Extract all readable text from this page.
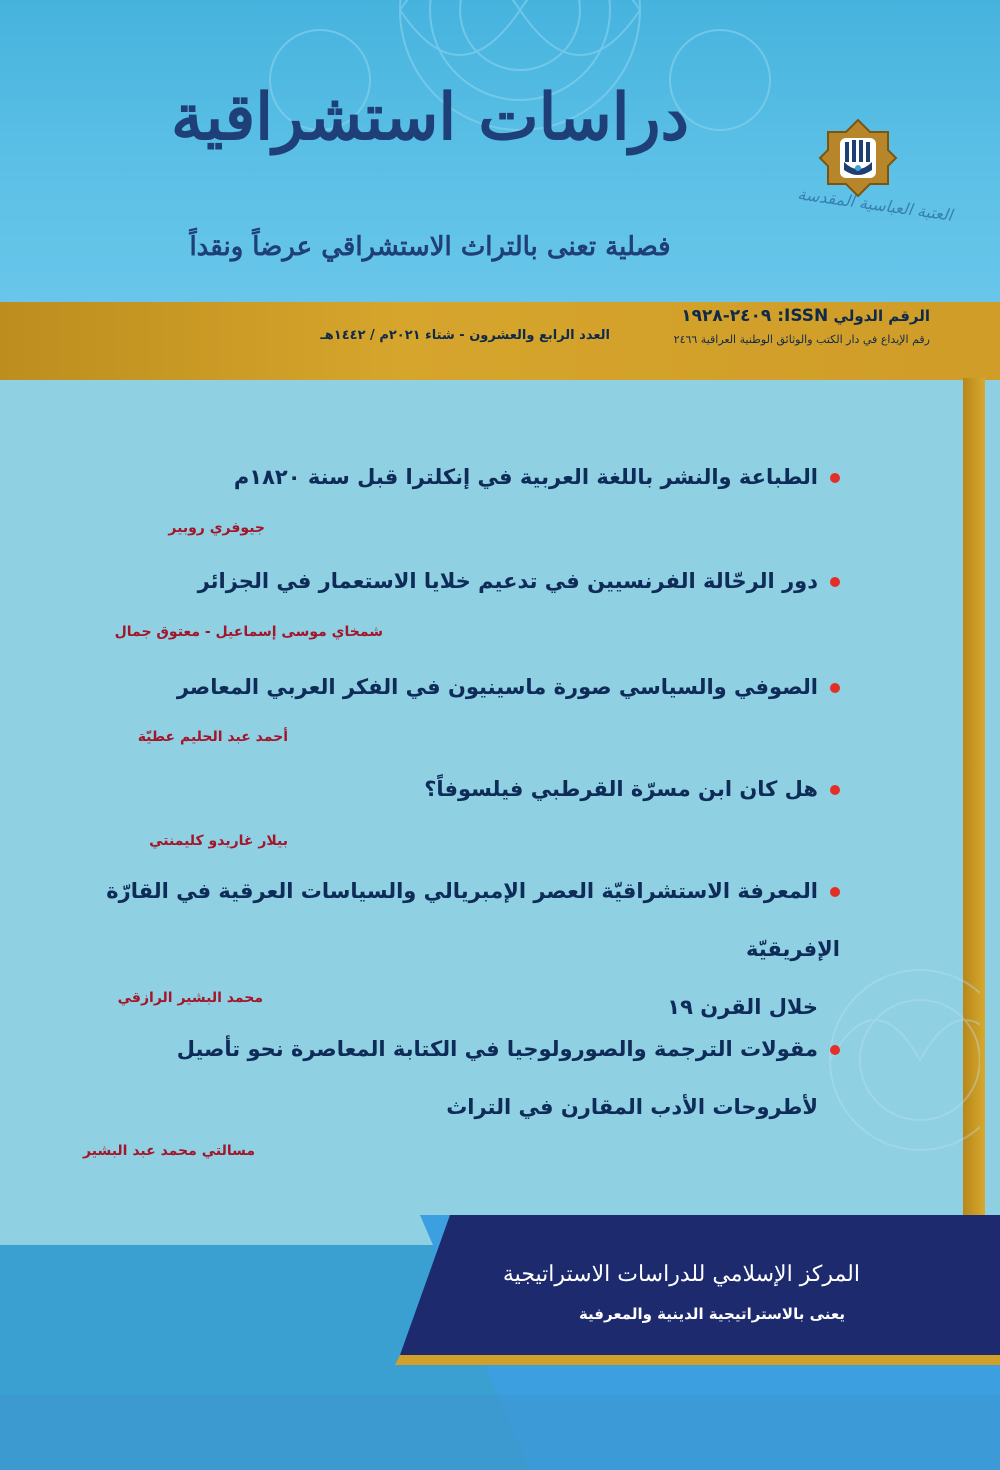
دراسات استشراقية
فصلية تعنى بالتراث الاستشراقي عرضاً ونقداً
العتبة العباسية المقدسة
الرقم الدولي ISSN: ٢٤٠٩-١٩٢٨
رقم الإيداع في دار الكتب والوثائق الوطنية العراقية ٢٤٦٦
العدد الرابع والعشرون - شتاء ٢٠٢١م / ١٤٤٢هـ
الطباعة والنشر باللغة العربية في إنكلترا قبل سنة ١٨٢٠م
جيوفري روبير
دور الرحّالة الفرنسيين في تدعيم خلايا الاستعمار في الجزائر
شمخاي موسى إسماعيل - معتوق جمال
الصوفي والسياسي صورة ماسينيون في الفكر العربي المعاصر
أحمد عبد الحليم عطيّة
هل كان ابن مسرّة القرطبي فيلسوفاً؟
بيلار غاريدو كليمنتي
المعرفة الاستشراقيّة العصر الإمبريالي والسياسات العرقية في القارّة الإفريقيّة
خلال القرن ١٩
محمد البشير الرازقي
مقولات الترجمة والصورولوجيا في الكتابة المعاصرة نحو تأصيل
لأطروحات الأدب المقارن في التراث
مسالتي محمد عبد البشير
المركز الإسلامي للدراسات الاستراتيجية
يعنى بالاستراتيجية الدينية والمعرفية
